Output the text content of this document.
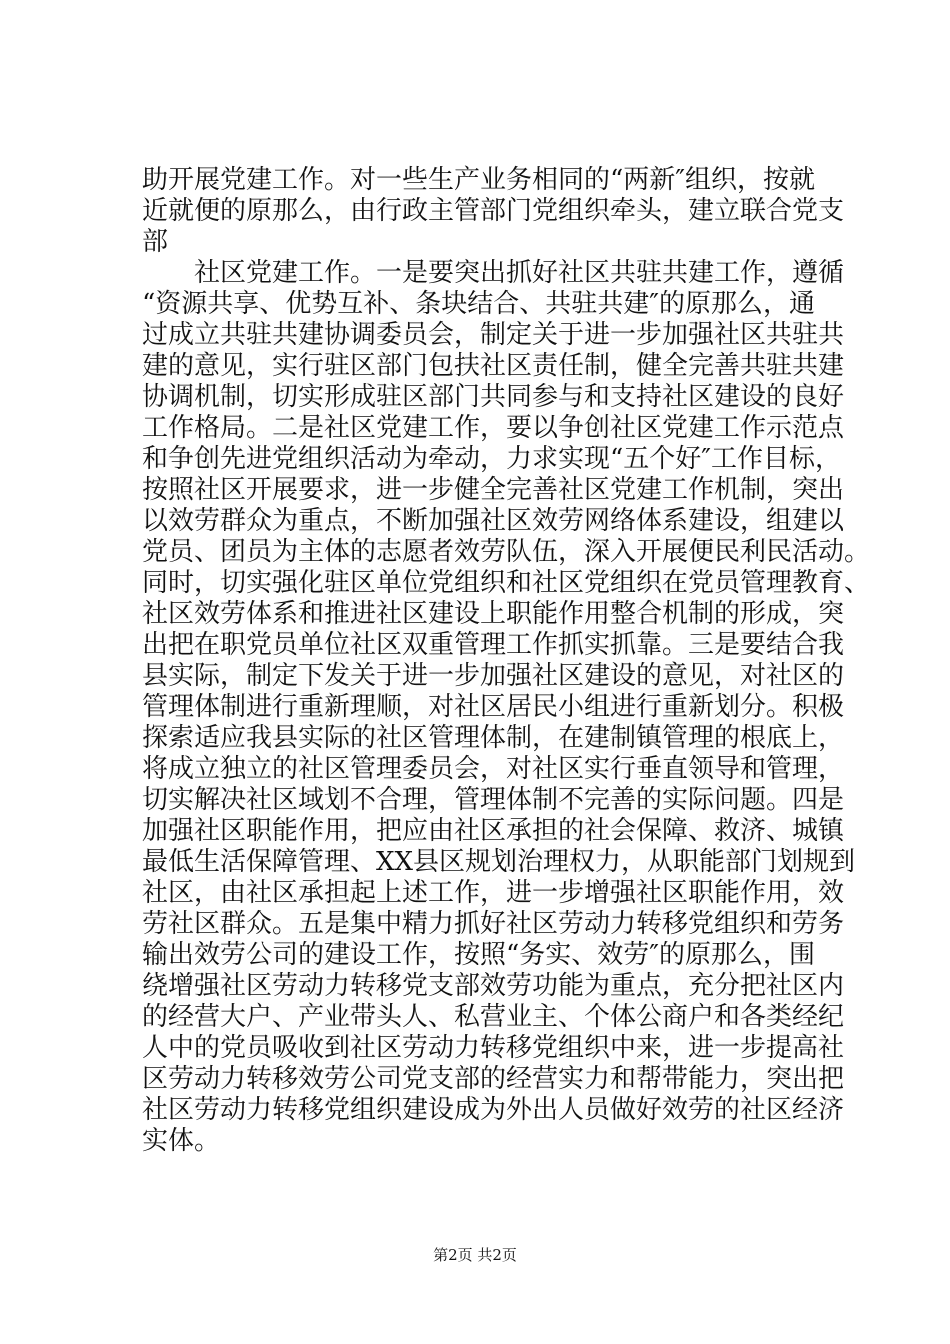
助开展党建工作。对一些生产业务相同的“两新″组织，按就
近就便的原那么，由行政主管部门党组织牵头，建立联合党支
部
　　社区党建工作。一是要突出抓好社区共驻共建工作，遵循
“资源共享、优势互补、条块结合、共驻共建″的原那么，通
过成立共驻共建协调委员会，制定关于进一步加强社区共驻共
建的意见，实行驻区部门包扶社区责任制，健全完善共驻共建
协调机制，切实形成驻区部门共同参与和支持社区建设的良好
工作格局。二是社区党建工作，要以争创社区党建工作示范点
和争创先进党组织活动为牵动，力求实现“五个好″工作目标，
按照社区开展要求，进一步健全完善社区党建工作机制，突出
以效劳群众为重点，不断加强社区效劳网络体系建设，组建以
党员、团员为主体的志愿者效劳队伍，深入开展便民利民活动。
同时，切实强化驻区单位党组织和社区党组织在党员管理教育、
社区效劳体系和推进社区建设上职能作用整合机制的形成，突
出把在职党员单位社区双重管理工作抓实抓靠。三是要结合我
县实际，制定下发关于进一步加强社区建设的意见，对社区的
管理体制进行重新理顺，对社区居民小组进行重新划分。积极
探索适应我县实际的社区管理体制，在建制镇管理的根底上，
将成立独立的社区管理委员会，对社区实行垂直领导和管理，
切实解决社区域划不合理，管理体制不完善的实际问题。四是
加强社区职能作用，把应由社区承担的社会保障、救济、城镇
最低生活保障管理、XX县区规划治理权力，从职能部门划规到
社区，由社区承担起上述工作，进一步增强社区职能作用，效
劳社区群众。五是集中精力抓好社区劳动力转移党组织和劳务
输出效劳公司的建设工作，按照“务实、效劳″的原那么，围
绕增强社区劳动力转移党支部效劳功能为重点，充分把社区内
的经营大户、产业带头人、私营业主、个体公商户和各类经纪
人中的党员吸收到社区劳动力转移党组织中来，进一步提高社
区劳动力转移效劳公司党支部的经营实力和帮带能力，突出把
社区劳动力转移党组织建设成为外出人员做好效劳的社区经济
实体。
第2页 共2页
